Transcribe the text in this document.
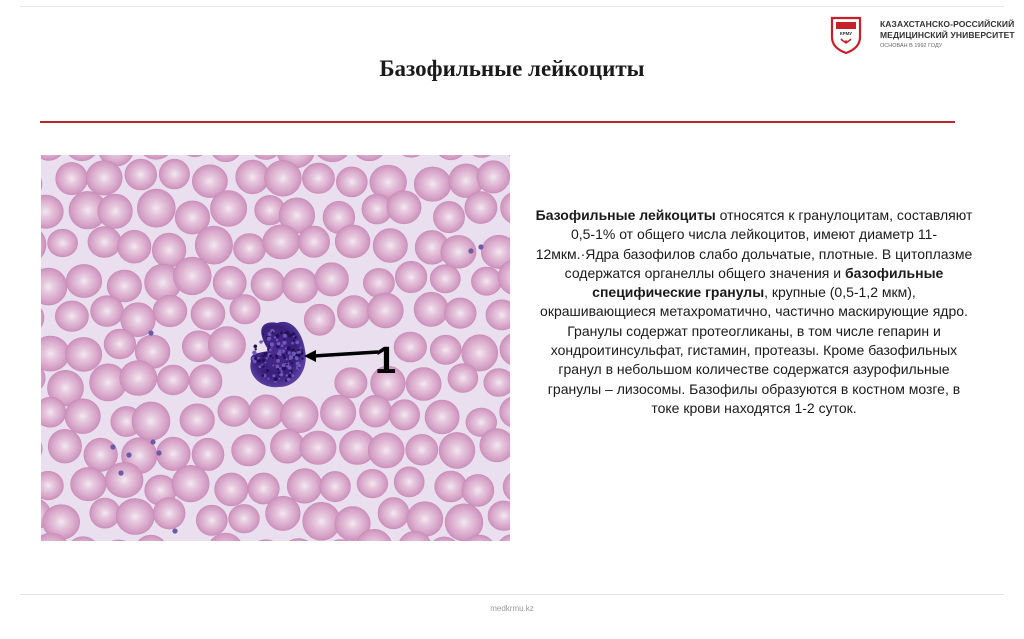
КРМУ
КАЗАХСТАНСКО-РОССИЙСКИЙ
МЕДИЦИНСКИЙ УНИВЕРСИТЕТ
ОСНОВАН В 1992 ГОДУ
Базофильные лейкоциты
1
Базофильные лейкоциты относятся к гранулоцитам, составляют 0,5-1% от общего числа лейкоцитов, имеют диаметр 11-12мкм.·Ядра базофилов слабо дольчатые, плотные. В цитоплазме содержатся органеллы общего значения и базофильные специфические гранулы, крупные (0,5-1,2 мкм), окрашивающиеся метахроматично, частично маскирующие ядро. Гранулы содержат протеогликаны, в том числе гепарин и хондроитинсульфат, гистамин, протеазы. Кроме базофильных гранул в небольшом количестве содержатся азурофильные гранулы – лизосомы. Базофилы образуются в костном мозге, в токе крови находятся 1-2 суток.
medkrmu.kz
